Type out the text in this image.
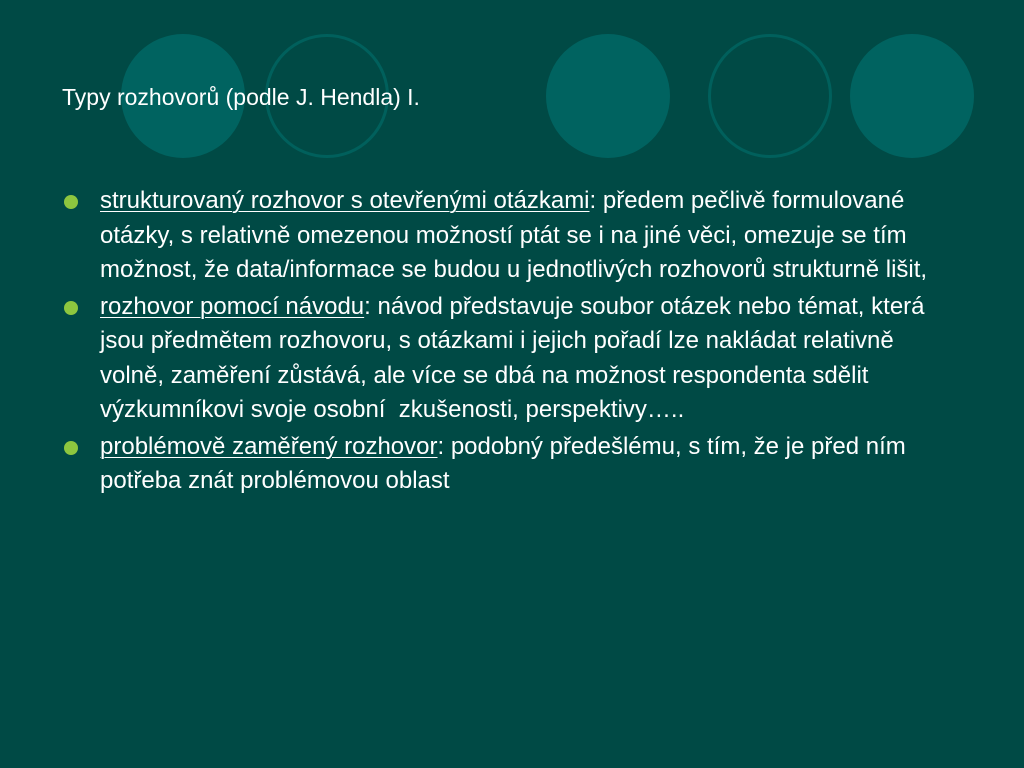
Typy rozhovorů (podle J. Hendla) I.
strukturovaný rozhovor s otevřenými otázkami: předem pečlivě formulované otázky, s relativně omezenou možností ptát se i na jiné věci, omezuje se tím možnost, že data/informace se budou u jednotlivých rozhovorů strukturně lišit,
rozhovor pomocí návodu: návod představuje soubor otázek nebo témat, která jsou předmětem rozhovoru, s otázkami i jejich pořadí lze nakládat relativně volně, zaměření zůstává, ale více se dbá na možnost respondenta sdělit výzkumníkovi svoje osobní  zkušenosti, perspektivy…..
problémově zaměřený rozhovor: podobný předešlému, s tím, že je před ním potřeba znát problémovou oblast
